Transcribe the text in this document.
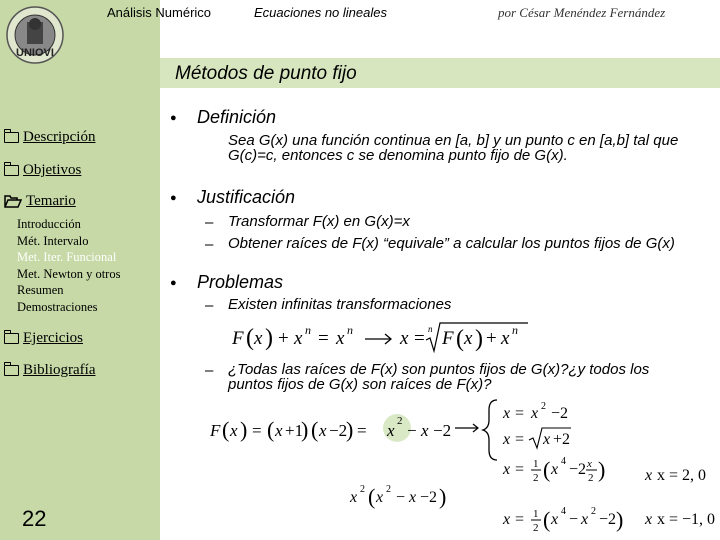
UNIOVI
Análisis Numérico	Ecuaciones no lineales	por César Menéndez Fernández
Métodos de punto fijo
Descripción
Objetivos
Temario
Introducción
Mét. Intervalo
Met. Iter. Funcional
Met. Newton y otros
Resumen
Demostraciones
Ejercicios
Bibliografía
22
● Definición
Sea G(x) una función continua en [a, b] y un punto c en [a,b] tal que G(c)=c, entonces c se denomina punto fijo de G(x).
● Justificación
– Transformar F(x) en G(x)=x
– Obtener raíces de F(x) “equivale” a calcular los puntos fijos de G(x)
● Problemas
– Existen infinitas transformaciones
F ( x ) + x n = x n x = n F ( x ) + x n
– ¿Todas las raíces de F(x) son puntos fijos de G(x)?¿y todos los puntos fijos de G(x) son raíces de F(x)?
F ( x ) = ( x +1
) ( x −2
) = x 2 − x −2
x = x 2 −2
x = x +2
x = 1
2 ( x 4 −2 x
2 ) x x = 2, 0
x 2 ( x 2 − x −2 )
x = 1
2 ( x 4 − x 2 −2 ) x x = −1, 0
